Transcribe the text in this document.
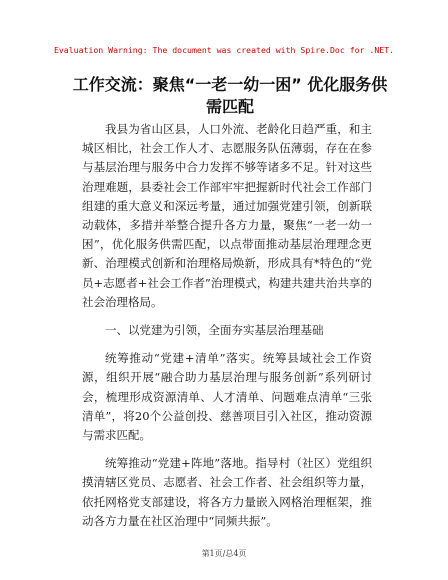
Evaluation Warning: The document was created with Spire.Doc for .NET.
工作交流：聚焦“一老一幼一困” 优化服务供需匹配

我县为省山区县，人口外流、老龄化日趋严重，和主城区相比，社会工作人才、志愿服务队伍薄弱，存在在参与基层治理与服务中合力发挥不够等诸多不足。针对这些治理难题，县委社会工作部牢牢把握新时代社会工作部门组建的重大意义和深远考量，通过加强党建引领，创新联动载体，多措并举整合提升各方力量，聚焦“一老一幼一困”，优化服务供需匹配，以点带面推动基层治理理念更新、治理模式创新和治理格局焕新，形成具有*特色的“党员+志愿者+社会工作者”治理模式，构建共建共治共享的社会治理格局。

一、以党建为引领，全面夯实基层治理基础

统筹推动“党建+清单”落实。统筹县域社会工作资源，组织开展“融合助力基层治理与服务创新”系列研讨会，梳理形成资源清单、人才清单、问题难点清单“三张清单”，将20个公益创投、慈善项目引入社区，推动资源与需求匹配。

统筹推动“党建+阵地”落地。指导村（社区）党组织摸清辖区党员、志愿者、社会工作者、社会组织等力量，依托网格党支部建设，将各方力量嵌入网格治理框架，推动各方力量在社区治理中“同频共振”。

第1页/总4页
